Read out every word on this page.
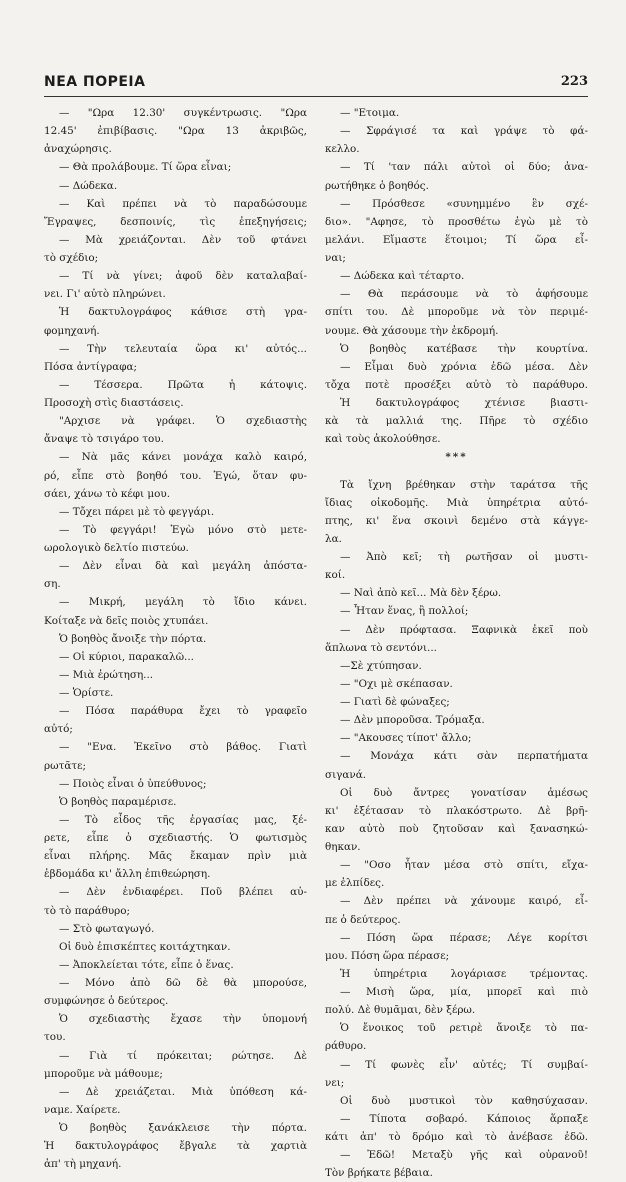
ΝΕΑ ΠΟΡΕΙΑ	223
— "Ωρα 12.30' συγκέντρωσις. "Ωρα
12.45' ἐπιβίβασις. "Ωρα 13 ἀκριβῶς,
ἀναχώρησις.
— Θὰ προλάβουμε. Τί ὥρα εἶναι;
— Δώδεκα.
— Καὶ πρέπει νὰ τὸ παραδώσουμε
Ἔγραψες, δεσποινίς, τὶς ἐπεξηγήσεις;
— Μὰ χρειάζονται. Δὲν τοῦ φτάνει
τὸ σχέδιο;
— Τί νὰ γίνει; ἀφοῦ δὲν καταλαβαί-
νει. Γι' αὐτὸ πληρώνει.
Ἡ δακτυλογράφος κάθισε στὴ γρα-
φομηχανή.
— Τὴν τελευταία ὥρα κι' αὐτός...
Πόσα ἀντίγραφα;
— Τέσσερα. Πρῶτα ἡ κάτοψις.
Προσοχὴ στὶς διαστάσεις.
"Αρχισε νὰ γράφει. Ὁ σχεδιαστὴς
ἄναψε τὸ τσιγάρο του.
— Νὰ μᾶς κάνει μονάχα καλὸ καιρό,
ρό, εἶπε στὸ βοηθό του. Ἐγώ, ὅταν φυ-
σάει, χάνω τὸ κέφι μου.
— Τὄχει πάρει μὲ τὸ φεγγάρι.
— Τὸ φεγγάρι! Ἐγὼ μόνο στὸ μετε-
ωρολογικὸ δελτίο πιστεύω.
— Δὲν εἶναι δὰ καὶ μεγάλη ἀπόστα-
ση.
— Μικρή, μεγάλη τὸ ἴδιο κάνει.
Κοίταξε νὰ δεῖς ποιὸς χτυπάει.
Ὁ βοηθὸς ἄνοιξε τὴν πόρτα.
— Οἱ κύριοι, παρακαλῶ...
— Μιὰ ἐρώτηση...
— Ὁρίστε.
— Πόσα παράθυρα ἔχει τὸ γραφεῖο
αὐτό;
— "Ενα. Ἐκεῖνο στὸ βάθος. Γιατὶ
ρωτᾶτε;
— Ποιὸς εἶναι ὁ ὑπεύθυνος;
Ὁ βοηθὸς παραμέρισε.
— Τὸ εἶδος τῆς ἐργασίας μας, ξέ-
ρετε, εἶπε ὁ σχεδιαστής. Ὁ φωτισμὸς
εἶναι πλήρης. Μᾶς ἔκαμαν πρὶν μιὰ
ἑβδομάδα κι' ἄλλη ἐπιθεώρηση.
— Δὲν ἐνδιαφέρει. Ποῦ βλέπει αὐ-
τὸ τὸ παράθυρο;
— Στὸ φωταγωγό.
Οἱ δυὸ ἐπισκέπτες κοιτάχτηκαν.
— Ἀποκλείεται τότε, εἶπε ὁ ἕνας.
— Μόνο ἀπὸ δῶ δὲ θὰ μπορούσε,
συμφώνησε ὁ δεύτερος.
Ὁ σχεδιαστὴς ἔχασε τὴν ὑπομονή
του.
— Γιὰ τί πρόκειται; ρώτησε. Δὲ
μποροῦμε νὰ μάθουμε;
— Δὲ χρειάζεται. Μιὰ ὑπόθεση κά-
ναμε. Χαίρετε.
Ὁ βοηθὸς ξανάκλεισε τὴν πόρτα.
Ἡ δακτυλογράφος ἔβγαλε τὰ χαρτιὰ
ἀπ' τὴ μηχανή.
— "Ετοιμα.
— Σφράγισέ τα καὶ γράψε τὸ φά-
κελλο.
— Τί 'ταν πάλι αὐτοὶ οἱ δύο; ἀνα-
ρωτήθηκε ὁ βοηθός.
— Πρόσθεσε «συνημμένο ἓν σχέ-
διο». "Αφησε, τὸ προσθέτω ἐγὼ μὲ τὸ
μελάνι. Εἴμαστε ἕτοιμοι; Τί ὥρα εἶ-
ναι;
— Δώδεκα καὶ τέταρτο.
— Θὰ περάσουμε νὰ τὸ ἀφήσουμε
σπίτι του. Δὲ μποροῦμε νὰ τὸν περιμέ-
νουμε. Θὰ χάσουμε τὴν ἐκδρομή.
Ὁ βοηθὸς κατέβασε τὴν κουρτίνα.
— Εἶμαι δυὸ χρόνια ἐδῶ μέσα. Δὲν
τὄχα ποτὲ προσέξει αὐτὸ τὸ παράθυρο.
Ἡ δακτυλογράφος χτένισε βιαστι-
κὰ τὰ μαλλιά της. Πῆρε τὸ σχέδιο
καὶ τοὺς ἀκολούθησε.
***
Τὰ ἴχνη βρέθηκαν στὴν ταράτσα τῆς
ἴδιας οἰκοδομῆς. Μιὰ ὑπηρέτρια αὐτό-
πτης, κι' ἕνα σκοινὶ δεμένο στὰ κάγγε-
λα.
— Ἀπὸ κεῖ; τὴ ρωτῆσαν οἱ μυστι-
κοί.
— Ναὶ ἀπὸ κεῖ... Μὰ δὲν ξέρω.
— Ἦταν ἕνας, ἢ πολλοί;
— Δὲν πρόφτασα. Ξαφνικὰ ἐκεῖ ποὺ
ἅπλωνα τὸ σεντόνι...
—Σὲ χτύπησαν.
— "Οχι μὲ σκέπασαν.
— Γιατὶ δὲ φώναξες;
— Δὲν μποροῦσα. Τρόμαξα.
— "Ακουσες τίποτ' ἄλλο;
— Μονάχα κάτι σὰν περπατήματα
σιγανά.
Οἱ δυὸ ἄντρες γονατίσαν ἀμέσως
κι' ἐξέτασαν τὸ πλακόστρωτο. Δὲ βρῆ-
καν αὐτὸ ποὺ ζητοῦσαν καὶ ξανασηκώ-
θηκαν.
— "Οσο ἦταν μέσα στὸ σπίτι, εἴχα-
με ἐλπίδες.
— Δὲν πρέπει νὰ χάνουμε καιρό, εἶ-
πε ὁ δεύτερος.
— Πόση ὥρα πέρασε; Λέγε κορίτσι
μου. Πόση ὥρα πέρασε;
Ἡ ὑπηρέτρια λογάριασε τρέμοντας.
— Μισὴ ὥρα, μία, μπορεῖ καὶ πιὸ
πολύ. Δὲ θυμᾶμαι, δὲν ξέρω.
Ὁ ἔνοικος τοῦ ρετιρὲ ἄνοιξε τὸ πα-
ράθυρο.
— Τί φωνὲς εἶν' αὐτές; Τί συμβαί-
νει;
Οἱ δυὸ μυστικοὶ τὸν καθησύχασαν.
— Τίποτα σοβαρό. Κάποιος ἅρπαξε
κάτι ἀπ' τὸ δρόμο καὶ τὸ ἀνέβασε ἐδῶ.
— Ἐδῶ! Μεταξὺ γῆς καὶ οὐρανοῦ!
Τὸν βρήκατε βέβαια.
